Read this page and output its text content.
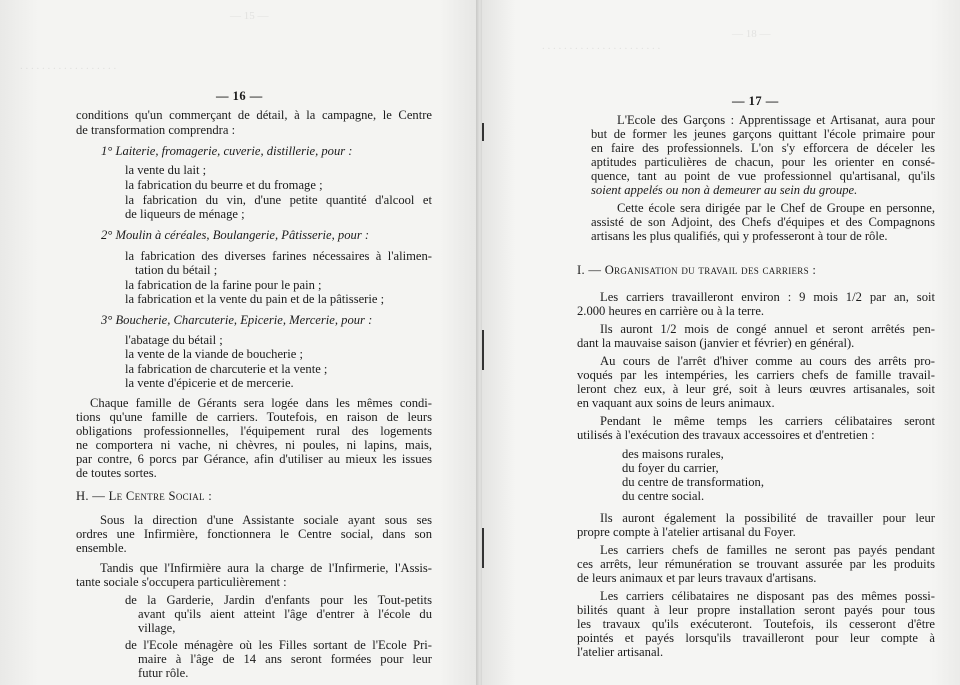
— 15 —
. . . . . . . . . . . . . . . . . .
— 16 —
conditions qu'un commerçant de détail, à la campagne, le Centre
de transformation comprendra :
1° Laiterie, fromagerie, cuverie, distillerie, pour :
la vente du lait ;
la fabrication du beurre et du fromage ;
la fabrication du vin, d'une petite quantité d'alcool et
de liqueurs de ménage ;
2° Moulin à céréales, Boulangerie, Pâtisserie, pour :
la fabrication des diverses farines nécessaires à l'alimen-
tation du bétail ;
la fabrication de la farine pour le pain ;
la fabrication et la vente du pain et de la pâtisserie ;
3° Boucherie, Charcuterie, Epicerie, Mercerie, pour :
l'abatage du bétail ;
la vente de la viande de boucherie ;
la fabrication de charcuterie et la vente ;
la vente d'épicerie et de mercerie.
Chaque famille de Gérants sera logée dans les mêmes condi-
tions qu'une famille de carriers. Toutefois, en raison de leurs
obligations professionnelles, l'équipement rural des logements
ne comportera ni vache, ni chèvres, ni poules, ni lapins, mais,
par contre, 6 porcs par Gérance, afin d'utiliser au mieux les issues
de toutes sortes.
H. — Le Centre Social :
Sous la direction d'une Assistante sociale ayant sous ses
ordres une Infirmière, fonctionnera le Centre social, dans son
ensemble.
Tandis que l'Infirmière aura la charge de l'Infirmerie, l'Assis-
tante sociale s'occupera particulièrement :
de la Garderie, Jardin d'enfants pour les Tout-petits
avant qu'ils aient atteint l'âge d'entrer à l'école du
village,
de l'Ecole ménagère où les Filles sortant de l'Ecole Pri-
maire à l'âge de 14 ans seront formées pour leur
futur rôle.
— 18 —
. . . . . . . . . . . . . . . . . . . . . .
— 17 —
L'Ecole des Garçons : Apprentissage et Artisanat, aura pour
but de former les jeunes garçons quittant l'école primaire pour
en faire des professionnels. L'on s'y efforcera de déceler les
aptitudes particulières de chacun, pour les orienter en consé-
quence, tant au point de vue professionnel qu'artisanal, qu'ils
soient appelés ou non à demeurer au sein du groupe.
Cette école sera dirigée par le Chef de Groupe en personne,
assisté de son Adjoint, des Chefs d'équipes et des Compagnons
artisans les plus qualifiés, qui y professeront à tour de rôle.
I. — Organisation du travail des carriers :
Les carriers travailleront environ : 9 mois 1/2 par an, soit
2.000 heures en carrière ou à la terre.
Ils auront 1/2 mois de congé annuel et seront arrêtés pen-
dant la mauvaise saison (janvier et février) en général).
Au cours de l'arrêt d'hiver comme au cours des arrêts pro-
voqués par les intempéries, les carriers chefs de famille travail-
leront chez eux, à leur gré, soit à leurs œuvres artisanales, soit
en vaquant aux soins de leurs animaux.
Pendant le même temps les carriers célibataires seront
utilisés à l'exécution des travaux accessoires et d'entretien :
des maisons rurales,
du foyer du carrier,
du centre de transformation,
du centre social.
Ils auront également la possibilité de travailler pour leur
propre compte à l'atelier artisanal du Foyer.
Les carriers chefs de familles ne seront pas payés pendant
ces arrêts, leur rémunération se trouvant assurée par les produits
de leurs animaux et par leurs travaux d'artisans.
Les carriers célibataires ne disposant pas des mêmes possi-
bilités quant à leur propre installation seront payés pour tous
les travaux qu'ils exécuteront. Toutefois, ils cesseront d'être
pointés et payés lorsqu'ils travailleront pour leur compte à
l'atelier artisanal.
